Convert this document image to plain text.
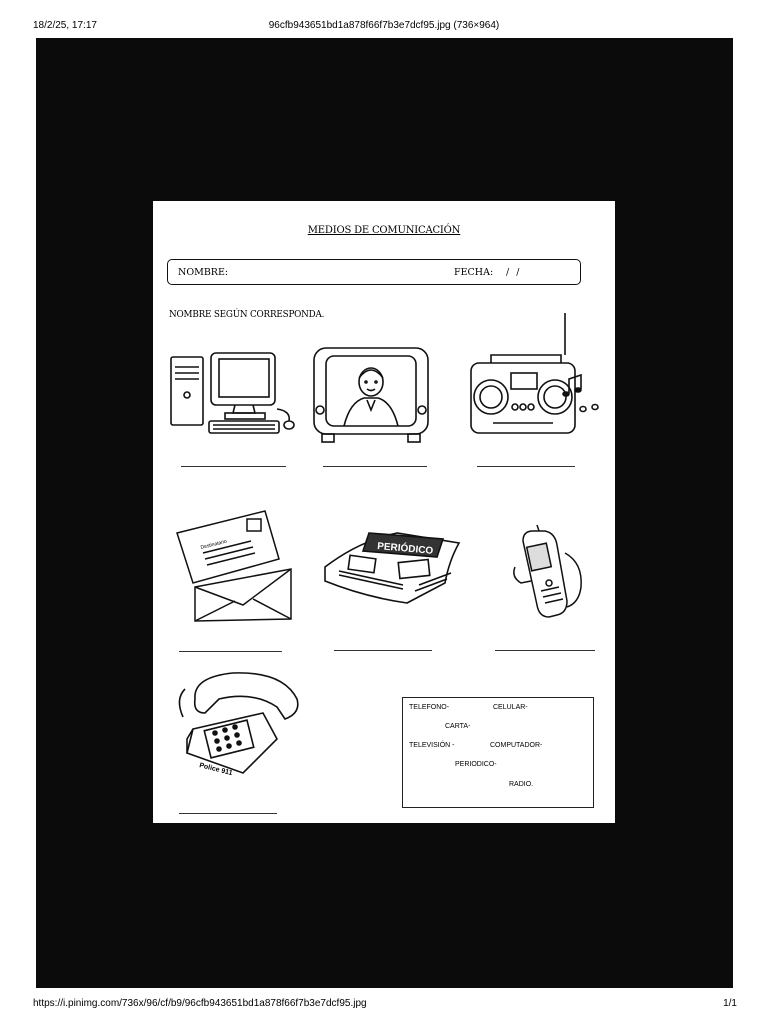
18/2/25, 17:17	96cfb943651bd1a878f66f7b3e7dcf95.jpg (736×964)
MEDIOS DE COMUNICACIÓN
NOMBRE:	FECHA: / /
NOMBRE SEGÚN CORRESPONDA.
Destinatario	PERIÓDICO
Police 911
TELEFONO-	CELULAR-
CARTA-
TELEVISIÓN -	COMPUTADOR-
PERIODICO-
RADIO.
https://i.pinimg.com/736x/96/cf/b9/96cfb943651bd1a878f66f7b3e7dcf95.jpg	1/1
